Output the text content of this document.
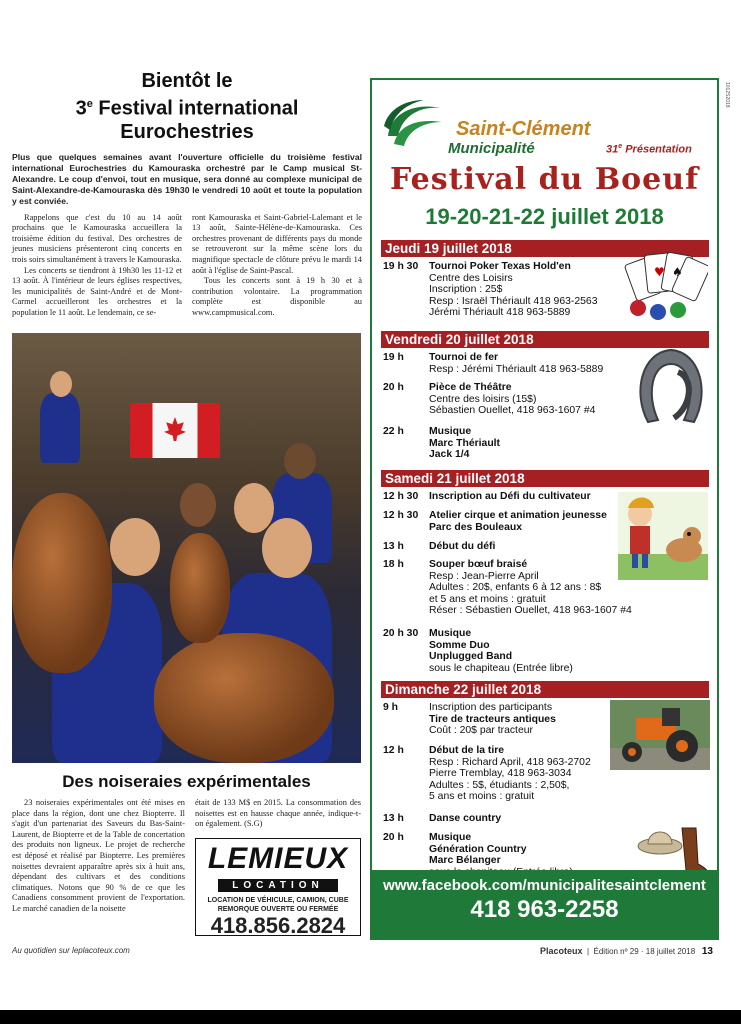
Bientôt le
3e Festival international
Eurochestries

Plus que quelques semaines avant l'ouverture officielle du troisième festival international Eurochestries du Kamouraska orchestré par le Camp musical St-Alexandre. Le coup d'envoi, tout en musique, sera donné au complexe municipal de Saint-Alexandre-de-Kamouraska dès 19h30 le vendredi 10 août et toute la population y est conviée.

Rappelons que c'est du 10 au 14 août prochains que le Kamouraska accueillera la troisième édition du festival. Des orchestres de jeunes musiciens présenteront cinq concerts en trois soirs simultanément à travers le Kamouraska.

Les concerts se tiendront à 19h30 les 11-12 et 13 août. À l'intérieur de leurs églises respectives, les municipalités de Saint-André et de Mont-Carmel accueilleront les orchestres et la population le 11 août. Le lendemain, ce se-

ront Kamouraska et Saint-Gabriel-Lalemant et le 13 août, Sainte-Hélène-de-Kamouraska. Ces orchestres provenant de différents pays du monde se retrouveront sur la même scène lors du magnifique spectacle de clôture prévu le mardi 14 août à l'église de Saint-Pascal.

Tous les concerts sont à 19 h 30 et à contribution volontaire. La programmation complète est disponible au www.campmusical.com.

Des noiseraies expérimentales

23 noiseraies expérimentales ont été mises en place dans la région, dont une chez Biopterre. Il s'agit d'un partenariat des Saveurs du Bas-Saint-Laurent, de Biopterre et de la Table de concertation des produits non ligneux. Le projet de recherche est déposé et réalisé par Biopterre. Les premières noisettes devraient apparaître après six à huit ans, dépendant des cultivars et des conditions climatiques. Notons que 90 % de ce que les Canadiens consomment provient de l'exportation. Le marché canadien de la noisette

était de 133 M$ en 2015. La consommation des noisettes est en hausse chaque année, indique-t-on également. (S.G)

LEMIEUX
LOCATION
LOCATION DE VÉHICULE, CAMION, CUBE
REMORQUE OUVERTE OU FERMÉE
418.856.2824
Au quotidien sur leplacoteux.com	Placoteux  |  Édition nº 29 · 18 juillet 2018 13
1012S2018
Saint-Clément
Municipalité	31e Présentation
Festival du Boeuf
19-20-21-22 juillet 2018
Jeudi 19 juillet 2018
Vendredi 20 juillet 2018
Samedi 21 juillet 2018
Dimanche 22 juillet 2018
19 h 30 Tournoi Poker Texas Hold'en
Centre des Loisirs
Inscription : 25$
Resp : Israël Thériault 418 963-2563
Jérémi Thériault 418 963-5889
19 h Tournoi de fer
Resp : Jérémi Thériault 418 963-5889
20 h Pièce de Théâtre
Centre des loisirs (15$)
Sébastien Ouellet, 418 963-1607 #4
22 h Musique
Marc Thériault
Jack 1/4
12 h 30 Inscription au Défi du cultivateur
12 h 30 Atelier cirque et animation jeunesse
Parc des Bouleaux
13 h Début du défi
18 h Souper bœuf braisé
Resp : Jean-Pierre April
Adultes : 20$, enfants 6 à 12 ans : 8$
et 5 ans et moins : gratuit
Réser : Sébastien Ouellet, 418 963-1607 #4
20 h 30 Musique
Somme Duo
Unplugged Band
sous le chapiteau (Entrée libre)
9 h	Inscription des participants
Tire de tracteurs antiques
Coût : 20$ par tracteur
12 h Début de la tire
Resp : Richard April, 418 963-2702
Pierre Tremblay, 418 963-3034
Adultes : 5$, étudiants : 2,50$,
5 ans et moins : gratuit
13 h Danse country
20 h Musique
Génération Country
Marc Bélanger
♥ ♠
www.facebook.com/municipalitesaintclement
418 963-2258
